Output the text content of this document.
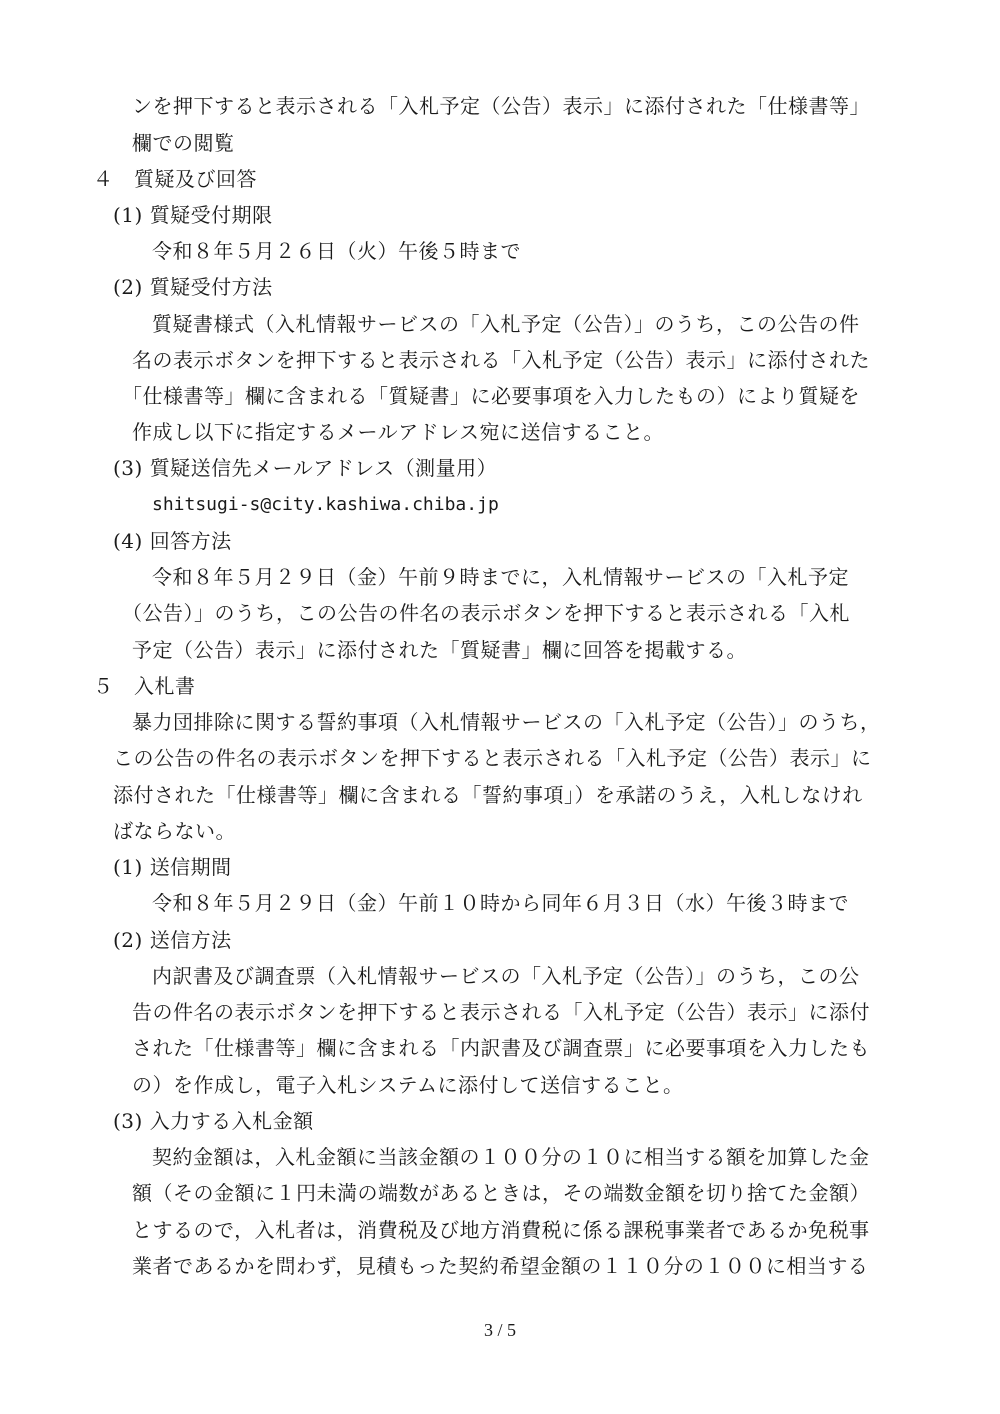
ンを押下すると表示される「入札予定（公告）表示」に添付された「仕様書等」
欄での閲覧
４　質疑及び回答
(1) 質疑受付期限
令和８年５月２６日（火）午後５時まで
(2) 質疑受付方法
質疑書様式（入札情報サービスの「入札予定（公告）」のうち，この公告の件
名の表示ボタンを押下すると表示される「入札予定（公告）表示」に添付された
「仕様書等」欄に含まれる「質疑書」に必要事項を入力したもの）により質疑を
作成し以下に指定するメールアドレス宛に送信すること。
(3) 質疑送信先メールアドレス（測量用）
shitsugi-s@city.kashiwa.chiba.jp
(4) 回答方法
令和８年５月２９日（金）午前９時までに，入札情報サービスの「入札予定
（公告）」のうち，この公告の件名の表示ボタンを押下すると表示される「入札
予定（公告）表示」に添付された「質疑書」欄に回答を掲載する。
５　入札書
暴力団排除に関する誓約事項（入札情報サービスの「入札予定（公告）」のうち，
この公告の件名の表示ボタンを押下すると表示される「入札予定（公告）表示」に
添付された「仕様書等」欄に含まれる「誓約事項」）を承諾のうえ，入札しなけれ
ばならない。
(1) 送信期間
令和８年５月２９日（金）午前１０時から同年６月３日（水）午後３時まで
(2) 送信方法
内訳書及び調査票（入札情報サービスの「入札予定（公告）」のうち，この公
告の件名の表示ボタンを押下すると表示される「入札予定（公告）表示」に添付
された「仕様書等」欄に含まれる「内訳書及び調査票」に必要事項を入力したも
の）を作成し，電子入札システムに添付して送信すること。
(3) 入力する入札金額
契約金額は，入札金額に当該金額の１００分の１０に相当する額を加算した金
額（その金額に１円未満の端数があるときは，その端数金額を切り捨てた金額）
とするので，入札者は，消費税及び地方消費税に係る課税事業者であるか免税事
業者であるかを問わず，見積もった契約希望金額の１１０分の１００に相当する
3 / 5
